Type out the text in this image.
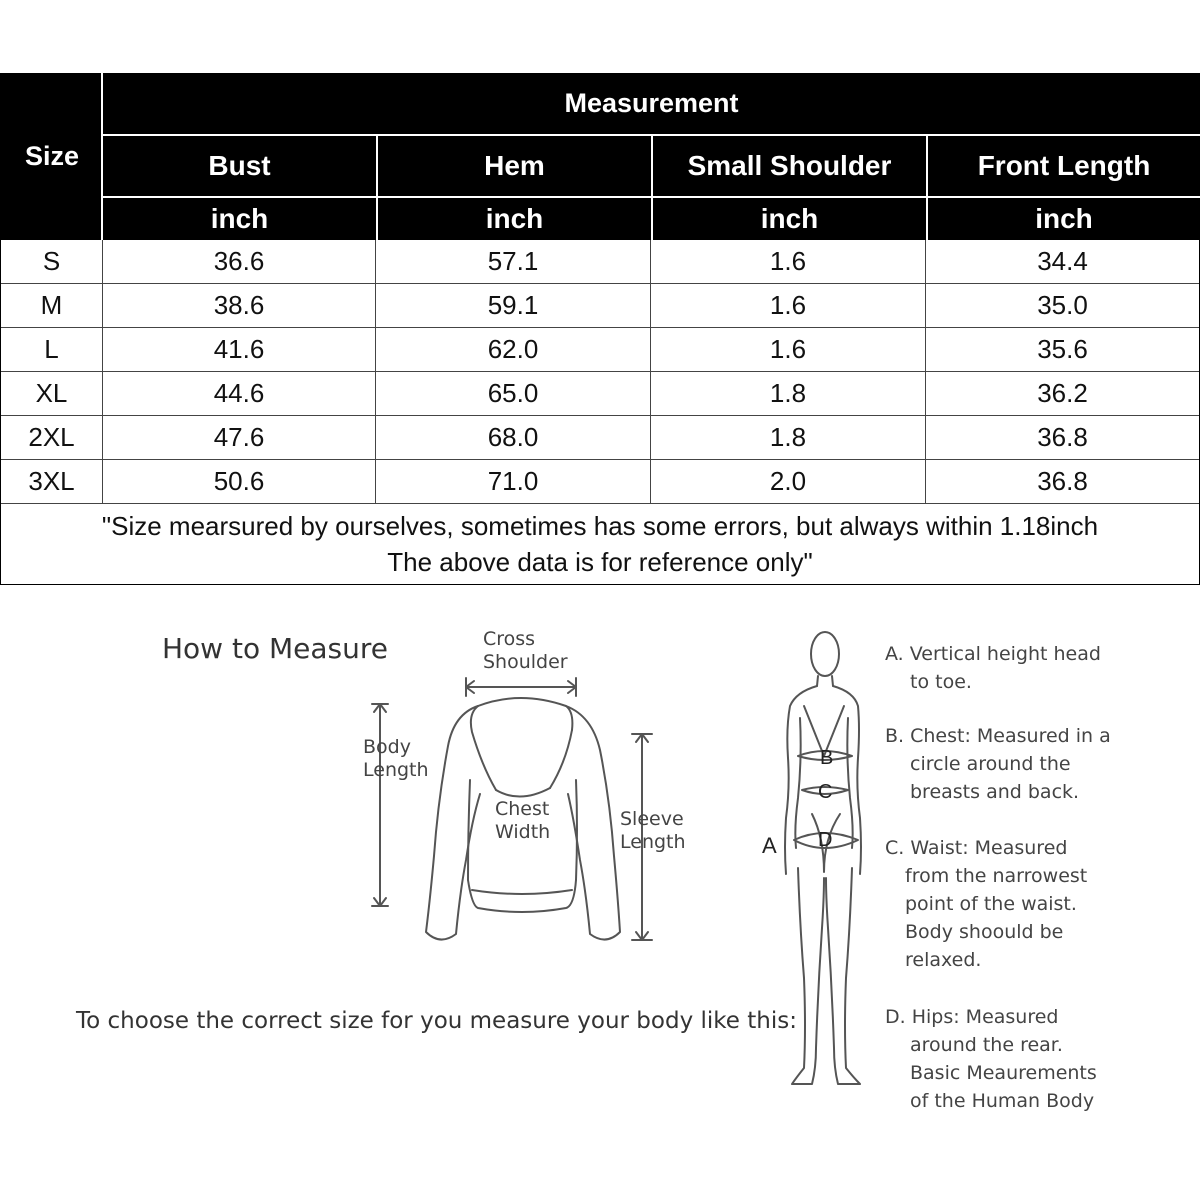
Size
Measurement
Bust	Hem	Small Shoulder	Front Length
inch	inch	inch	inch
S	36.6	57.1	1.6	34.4
M	38.6	59.1	1.6	35.0
L	41.6	62.0	1.6	35.6
XL	44.6	65.0	1.8	36.2
2XL	47.6	68.0	1.8	36.8
3XL	50.6	71.0	2.0	36.8
"Size mearsured by ourselves, sometimes has some errors, but always within 1.18inch
The above data is for reference only"
How to Measure	Cross
Shoulder
Body
Length
Chest
Width
Sleeve
Length
To choose the correct size for you measure your body like this:
B
C
D
A

A. Vertical height head

to toe.

B. Chest: Measured in a

circle around the

breasts and back.

C. Waist: Measured

from the narrowest

point of the waist.

Body shoould be

relaxed.

D. Hips: Measured

around the rear.

Basic Meaurements

of the Human Body
